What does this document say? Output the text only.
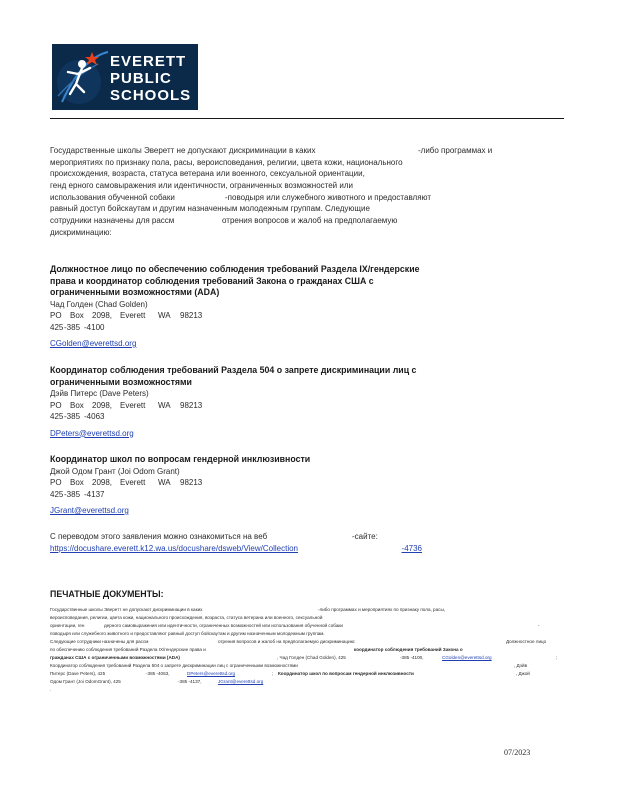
EVERETT
PUBLIC
SCHOOLS
Государственные школы Эверетт не допускают дискриминации в каких	-либо программах и
мероприятиях по признаку пола, расы, вероисповедания, религии, цвета кожи, национального
происхождения, возраста, статуса ветерана или военного, сексуальной ориентации,
генд ерного самовыражения или идентичности, ограниченных возможностей или
использования обученной собаки	-поводыря или служебного животного и предоставляют
равный доступ бойскаутам и другим назначенным молодежным группам. Следующие
сотрудники назначены для рассм	отрения вопросов и жалоб на предполагаемую
дискриминацию:
Должностное лицо по обеспечению соблюдения требований Раздела IX/гендерские
права и координатор соблюдения требований Закона о гражданах США с
ограниченными возможностями (ADA)
Чад Голден (Chad Golden)
PO Box 2098, Everett WA 98213
425-385 -4100
CGolden@everettsd.org
Координатор соблюдения требований Раздела 504 о запрете дискриминации лиц с
ограниченными возможностями
Дэйв Питерс (Dave Peters)
PO Box 2098, Everett WA 98213
425-385 -4063
DPeters@everettsd.org
Координатор школ по вопросам гендерной инклюзивности
Джой Одом Грант (Joi Odom Grant)
PO Box 2098, Everett WA 98213
425-385 -4137
JGrant@everettsd.org
С переводом этого заявления можно ознакомиться на веб	-сайте:
https://docushare.everett.k12.wa.us/docushare/dsweb/View/Collection	-4736
ПЕЧАТНЫЕ ДОКУМЕНТЫ:
Государственные школы Эверетт не допускают дискриминации в каких	-либо программах и мероприятиях по признаку пола, расы,
вероисповедания, религии, цвета кожи, национального происхождения, возраста, статуса ветерана или военного, сексуальной
ориентации, ген	дерного самовыражения или идентичности, ограниченных возможностей или использования обученной собаки	-
поводыря или служебного животного и предоставляют равный доступ бойскаутам и другим назначенным молодежным группам.
Следующие сотрудники назначены для рассм	отрения вопросов и жалоб на предполагаемую дискриминацию:	Должностное лицо
по обеспечению соблюдения требований Раздела IX/гендерские права и	координатор соблюдения требований Закона о
гражданах США с ограниченными возможностями (ADA)	, Чад Голден (Chad Golden), 425	-385 -4100,	CGolden@everettsd.org	;
Координатор соблюдения требований Раздела 504 о запрете дискриминации лиц с ограниченными возможностями	, Дэйв
Питерс (Dave Peters), 425	-385 -4063,	DPeters@everettsd.org	; Координатор школ по вопросам гендерной инклюзивности	, Джой
Одом Грант (Joi OdomGrant), 425	-385 -4137,	JGrant@everettsd.org
.
07/2023
